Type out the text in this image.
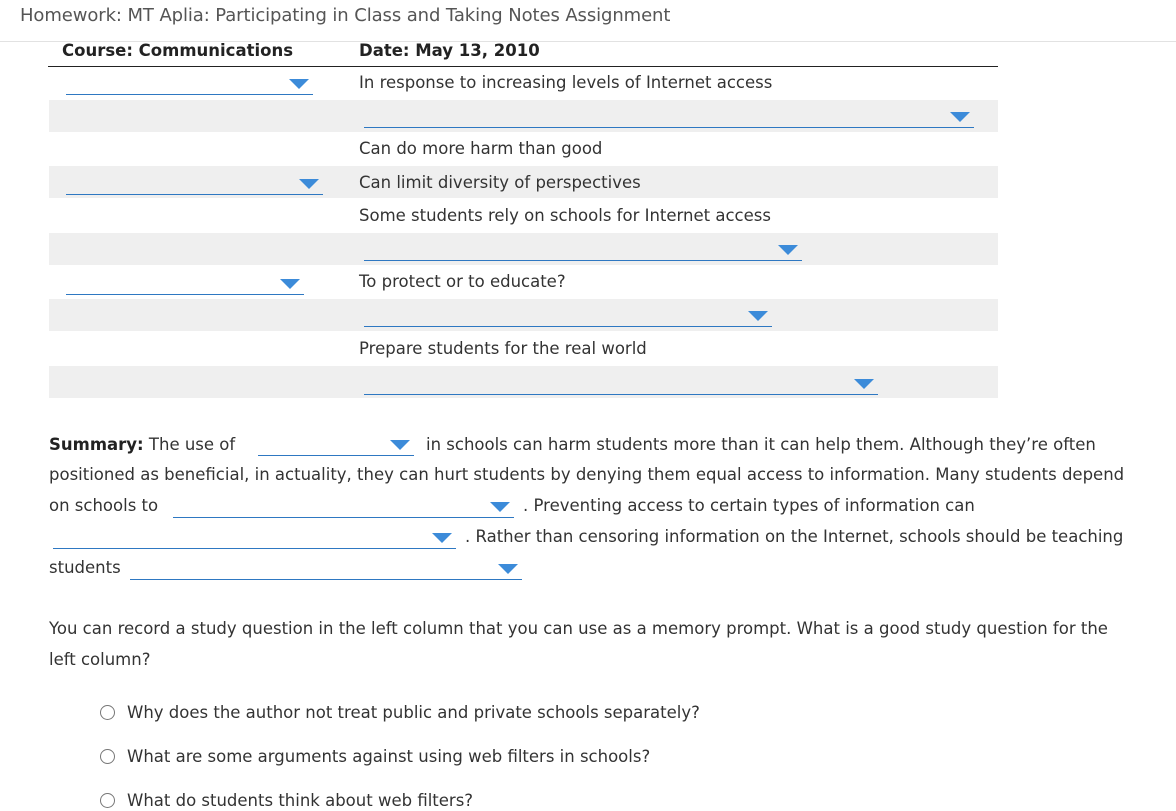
Homework: MT Aplia: Participating in Class and Taking Notes Assignment
Course: Communications	Date: May 13, 2010
In response to increasing levels of Internet access
Can do more harm than good
Can limit diversity of perspectives
Some students rely on schools for Internet access
To protect or to educate?
Prepare students for the real world
Summary: The use of	in schools can harm students more than it can help them. Although they’re often
positioned as beneficial, in actuality, they can hurt students by denying them equal access to information. Many students depend
on schools to	. Preventing access to certain types of information can
. Rather than censoring information on the Internet, schools should be teaching
students
You can record a study question in the left column that you can use as a memory prompt. What is a good study question for the
left column?
Why does the author not treat public and private schools separately?
What are some arguments against using web filters in schools?
What do students think about web filters?
